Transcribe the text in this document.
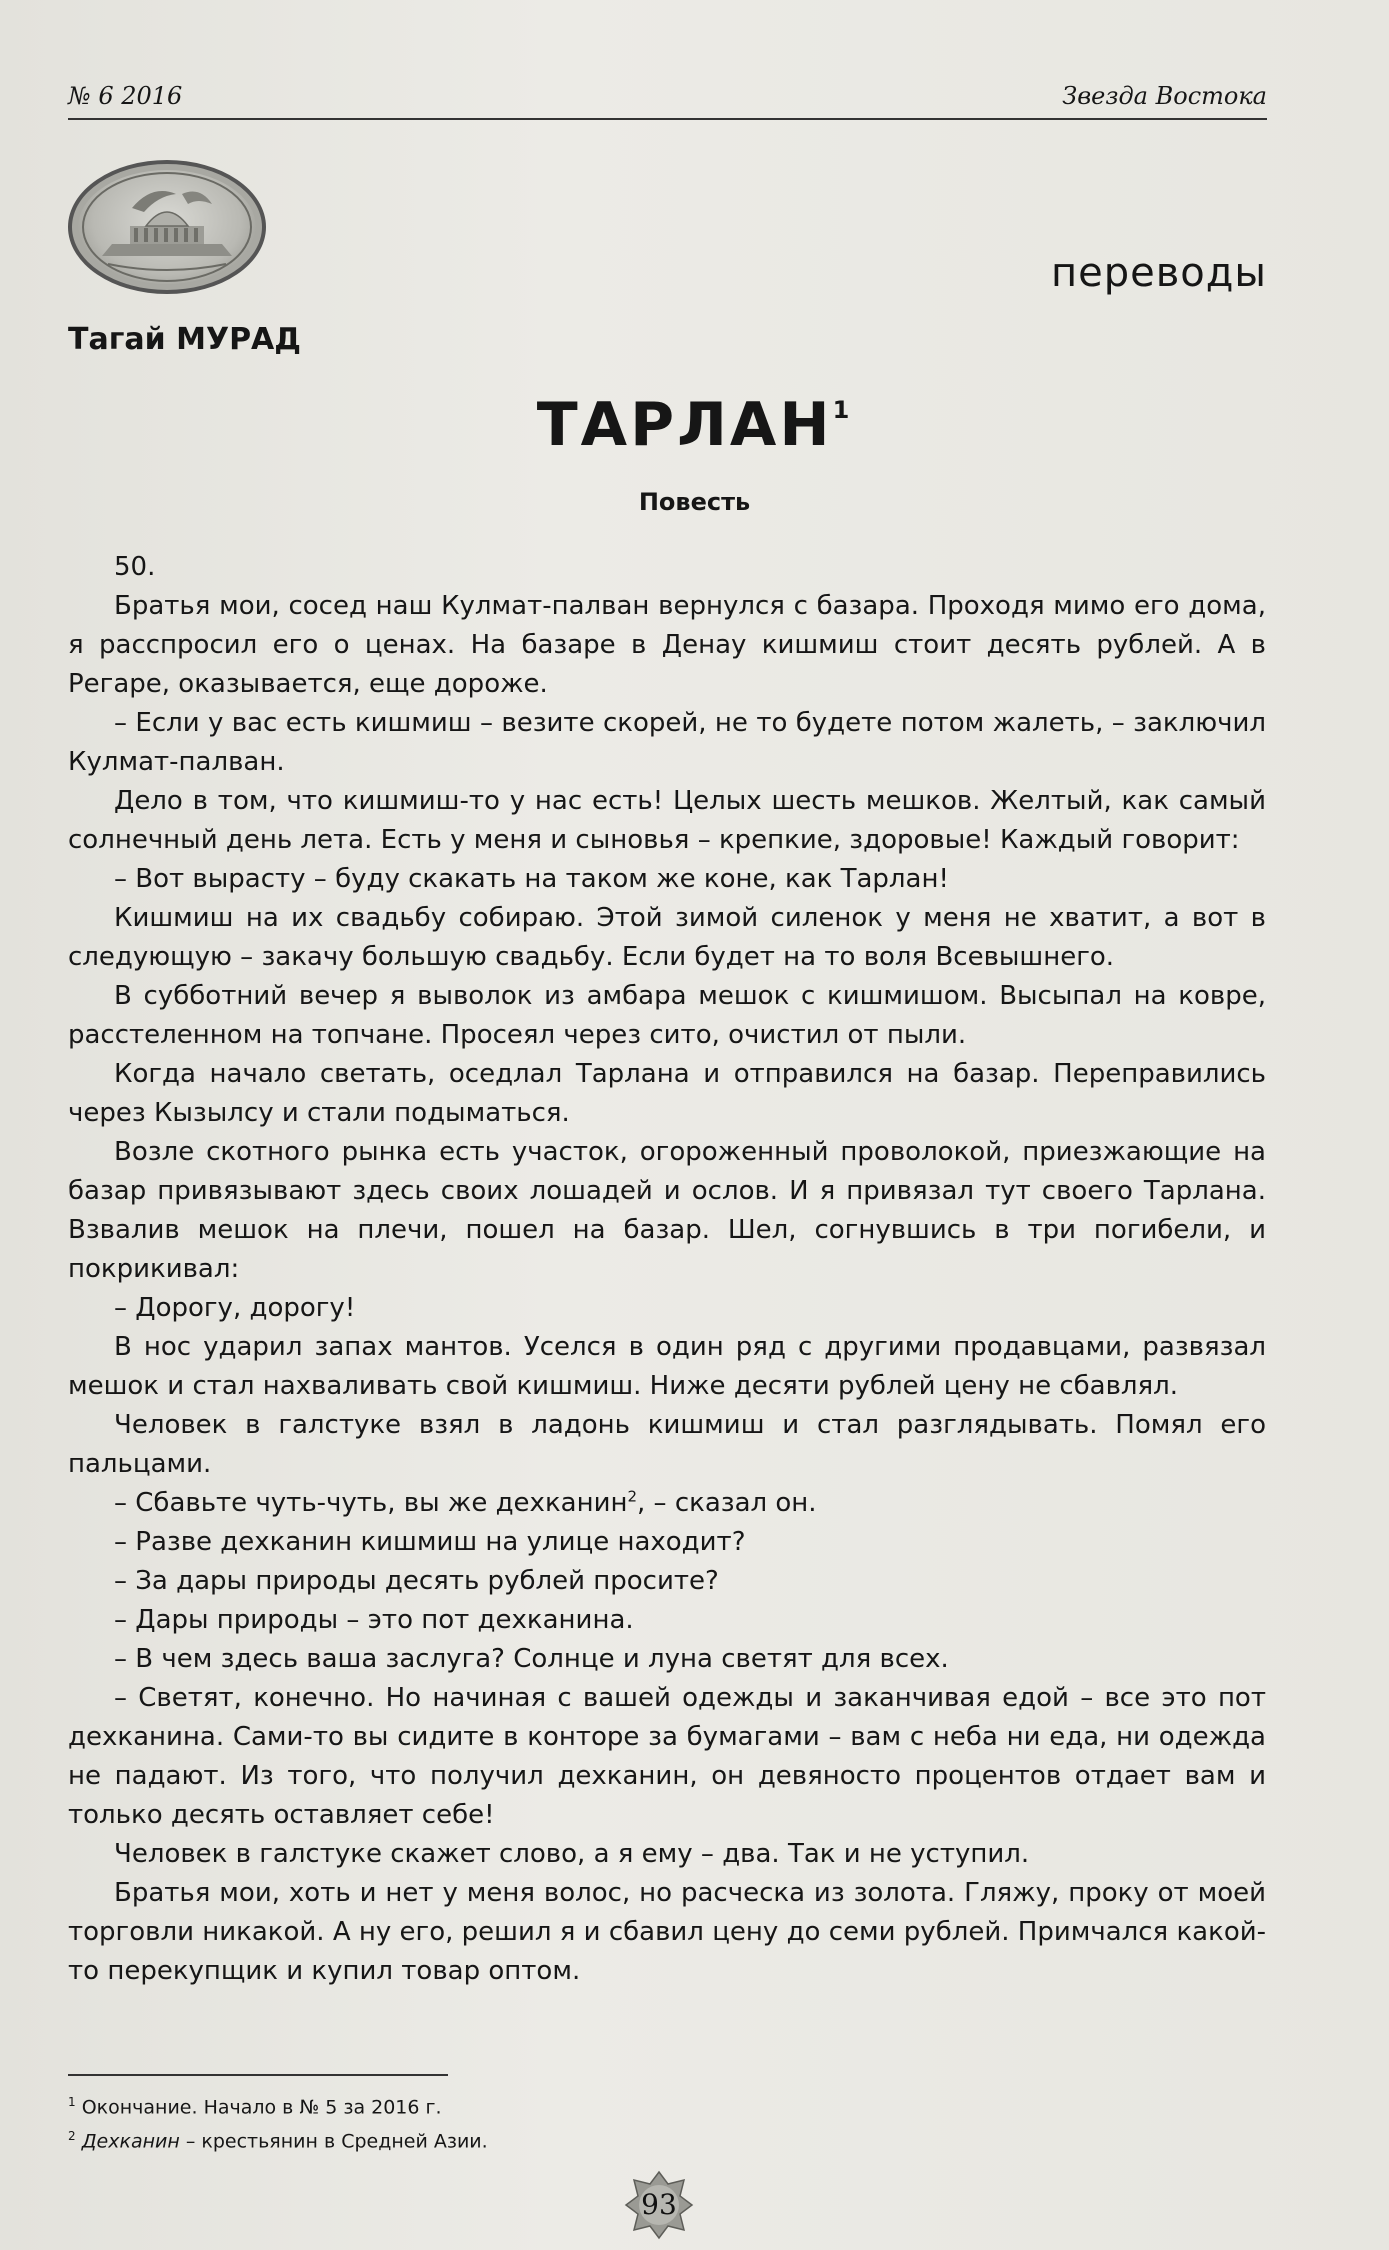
№ 6 2016	Звезда Востока
переводы
Тагай МУРАД
ТАРЛАН$^1$
Повесть

50.

Братья мои, сосед наш Кулмат-палван вернулся с базара. Проходя мимо его дома, я расспросил его о ценах. На базаре в Денау кишмиш стоит десять рублей. А в Регаре, оказывается, еще дороже.

– Если у вас есть кишмиш – везите скорей, не то будете потом жалеть, – заключил Кулмат-палван.

Дело в том, что кишмиш-то у нас есть! Целых шесть мешков. Желтый, как самый солнечный день лета. Есть у меня и сыновья – крепкие, здоровые! Каждый говорит:

– Вот вырасту – буду скакать на таком же коне, как Тарлан!

Кишмиш на их свадьбу собираю. Этой зимой силенок у меня не хватит, а вот в следующую – закачу большую свадьбу. Если будет на то воля Всевышнего.

В субботний вечер я выволок из амбара мешок с кишмишом. Высыпал на ковре, расстеленном на топчане. Просеял через сито, очистил от пыли.

Когда начало светать, оседлал Тарлана и отправился на базар. Переправились через Кызылсу и стали подыматься.

Возле скотного рынка есть участок, огороженный проволокой, приезжающие на базар привязывают здесь своих лошадей и ослов. И я привязал тут своего Тарлана. Взвалив мешок на плечи, пошел на базар. Шел, согнувшись в три погибели, и покрикивал:

– Дорогу, дорогу!

В нос ударил запах мантов. Уселся в один ряд с другими продавцами, развязал мешок и стал нахваливать свой кишмиш. Ниже десяти рублей цену не сбавлял.

Человек в галстуке взял в ладонь кишмиш и стал разглядывать. Помял его пальцами.

– Сбавьте чуть-чуть, вы же дехканин$^2$, – сказал он.

– Разве дехканин кишмиш на улице находит?

– За дары природы десять рублей просите?

– Дары природы – это пот дехканина.

– В чем здесь ваша заслуга? Солнце и луна светят для всех.

– Светят, конечно. Но начиная с вашей одежды и заканчивая едой – все это пот дехканина. Сами-то вы сидите в конторе за бумагами – вам с неба ни еда, ни одежда не падают. Из того, что получил дехканин, он девяносто процентов отдает вам и только десять оставляет себе!

Человек в галстуке скажет слово, а я ему – два. Так и не уступил.

Братья мои, хоть и нет у меня волос, но расческа из золота. Гляжу, проку от моей торговли никакой. А ну его, решил я и сбавил цену до семи рублей. Примчался какой-то перекупщик и купил товар оптом.

$^1$ Окончание. Начало в № 5 за 2016 г.
$^2$ Дехканин – крестьянин в Средней Азии.
93
